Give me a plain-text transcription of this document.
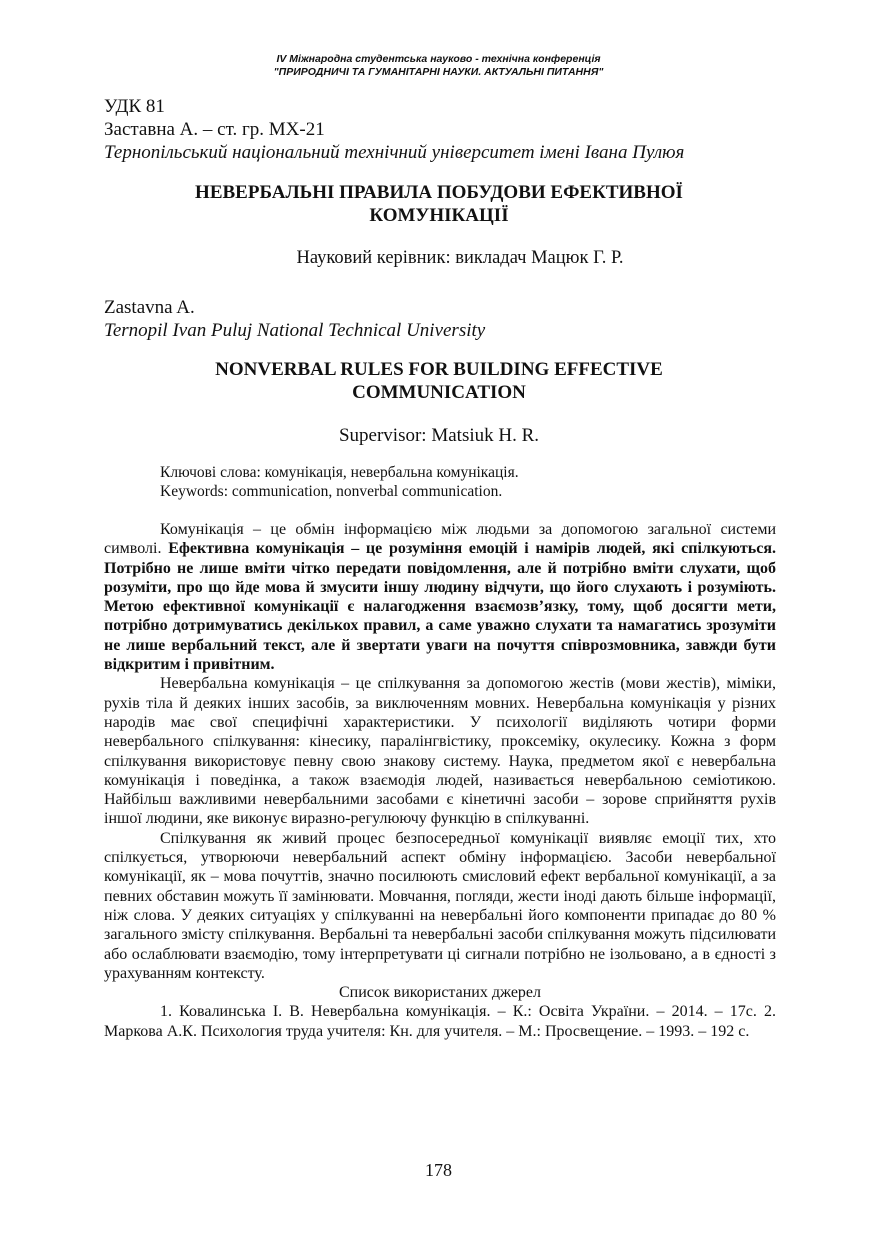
IV Міжнародна студентська науково - технічна конференція
"ПРИРОДНИЧІ ТА ГУМАНІТАРНІ НАУКИ. АКТУАЛЬНІ ПИТАННЯ"
УДК 81
Заставна А. – ст. гр. МХ-21
Тернопільський національний технічний університет імені Івана Пулюя
НЕВЕРБАЛЬНІ ПРАВИЛА ПОБУДОВИ ЕФЕКТИВНОЇ
КОМУНІКАЦІЇ
Науковий керівник: викладач Мацюк Г. Р.
Zastavna A.
Ternopil Ivan Puluj National Technical University
NONVERBAL RULES FOR BUILDING EFFECTIVE
COMMUNICATION
Supervisor: Matsiuk H. R.
Ключові слова: комунікація, невербальна комунікація.
Keywords: communication, nonverbal communication.

Комунікація – це обмін інформацією між людьми за допомогою загальної системи символі. Ефективна комунікація – це розуміння емоцій і намірів людей, які спілкуються. Потрібно не лише вміти чітко передати повідомлення, але й потрібно вміти слухати, щоб розуміти, про що йде мова й змусити іншу людину відчути, що його слухають і розуміють. Метою ефективної комунікації є налагодження взаємозв’язку, тому, щоб досягти мети, потрібно дотримуватись декількох правил, а саме уважно слухати та намагатись зрозуміти не лише вербальний текст, але й звертати уваги на почуття співрозмовника, завжди бути відкритим і привітним.

Невербальна комунікація – це спілкування за допомогою жестів (мови жестів), міміки, рухів тіла й деяких інших засобів, за виключенням мовних. Невербальна комунікація у різних народів має свої специфічні характеристики. У психології виділяють чотири форми невербального спілкування: кінесику, паралінгвістику, проксеміку, окулесику. Кожна з форм спілкування використовує певну свою знакову систему. Наука, предметом якої є невербальна комунікація і поведінка, а також взаємодія людей, називається невербальною семіотикою. Найбільш важливими невербальними засобами є кінетичні засоби – зорове сприйняття рухів іншої людини, яке виконує виразно-регулюючу функцію в спілкуванні.

Спілкування як живий процес безпосередньої комунікації виявляє емоції тих, хто спілкується, утворюючи невербальний аспект обміну інформацією. Засоби невербальної комунікації, як – мова почуттів, значно посилюють смисловий ефект вербальної комунікації, а за певних обставин можуть її замінювати. Мовчання, погляди, жести іноді дають більше інформації, ніж слова. У деяких ситуаціях у спілкуванні на невербальні його компоненти припадає до 80 % загального змісту спілкування. Вербальні та невербальні засоби спілкування можуть підсилювати або ослаблювати взаємодію, тому інтерпретувати ці сигнали потрібно не ізольовано, а в єдності з урахуванням контексту.

Список використаних джерел

1. Ковалинська І. В. Невербальна комунікація. – К.: Освіта України. – 2014. – 17с. 2. Маркова А.К. Психология труда учителя: Кн. для учителя. – М.: Просвещение. – 1993. – 192 с.

178
